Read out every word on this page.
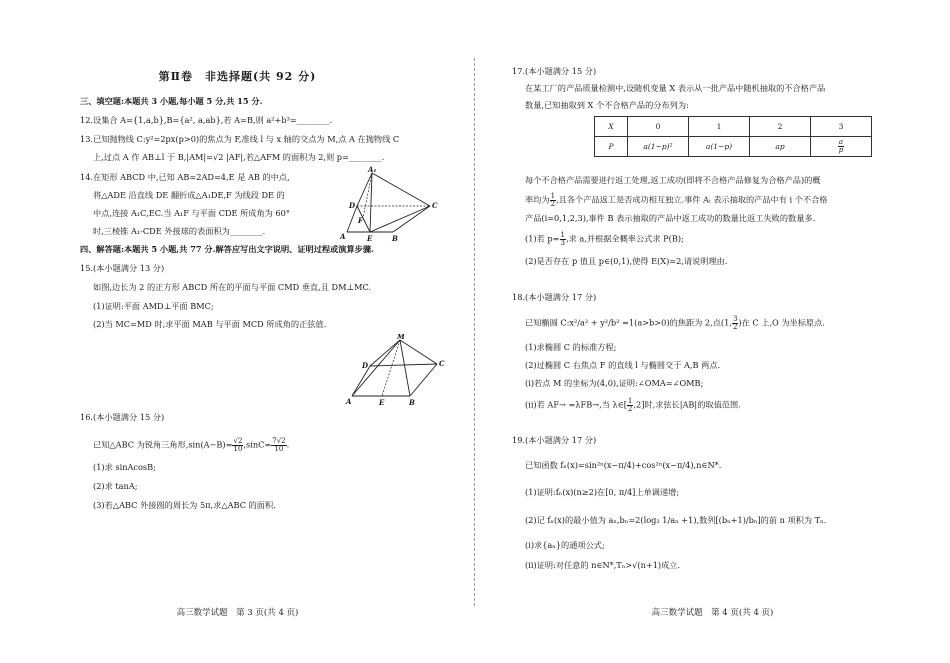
第Ⅱ卷　非选择题(共 92 分)
三、填空题:本题共 3 小题,每小题 5 分,共 15 分.
12.设集合 A={1,a,b},B={a², a,ab},若 A=B,则 a²+b³=________.
13.已知抛物线 C:y²=2px(p>0)的焦点为 F,准线 l 与 x 轴的交点为 M,点 A 在抛物线 C
上,过点 A 作 AB⊥l 于 B,|AM|=√2 |AF|,若△AFM 的面积为 2,则 p=________.
14.在矩形 ABCD 中,已知 AB=2AD=4,E 是 AB 的中点,
将△ADE 沿直线 DE 翻折成△A₁DE,F 为线段 DE 的
中点,连接 A₁C,EC.当 A₁F 与平面 CDE 所成角为 60°
时,三棱锥 A₁-CDE 外接球的表面积为________.
A₁
D	C
F
A	E	B
四、解答题:本题共 5 小题,共 77 分.解答应写出文字说明、证明过程或演算步骤.
15.(本小题满分 13 分)
如图,边长为 2 的正方形 ABCD 所在的平面与平面 CMD 垂直,且 DM⊥MC.
(1)证明:平面 AMD⊥平面 BMC;
(2)当 MC=MD 时,求平面 MAB 与平面 MCD 所成角的正弦值.
M
D	C
A	E	B
16.(本小题满分 15 分)
已知△ABC 为锐角三角形$,\sin(A-B)= \frac{√2}{10} ,\sin C= \frac{7√2}{10}$ .
(1)求 sinAcosB;
(2)求 tanA;
(3)若△ABC 外接圆的周长为 5π,求△ABC 的面积.
高三数学试题　第 3 页(共 4 页)
17.(本小题满分 15 分)
在某工厂的产品质量检测中,设随机变量 X 表示从一批产品中随机抽取的不合格产品
数量,已知抽取到 X 个不合格产品的分布列为:
X	0	1	2	3
P	a(1−p)²	a(1−p)	ap	$\frac{a}{p}$
每个不合格产品需要进行返工处理,返工成功(即将不合格产品修复为合格产品)的概
率均为 $\frac{1}{2}$ ,且各个产品返工是否成功相互独立.事件 Aᵢ 表示抽取的产品中有 i 个不合格
产品(i=0,1,2,3),事件 B 表示抽取的产品中返工成功的数量比返工失败的数量多.
(1)若 $p= \frac{1}{3}$ ,求 a,并根据全概率公式求 P(B);
(2)是否存在 p 值且 p∈(0,1),使得 E(X)=2,请说明理由.
18.(本小题满分 17 分)
已知椭圆 C:x²/a² + y²/b² =1(a>b>0)的焦距为 2,点(1, $\frac{3}{2}$ )在 C 上,O 为坐标原点.
(1)求椭圆 C 的标准方程;
(2)过椭圆 C 右焦点 F 的直线 l 与椭圆交于 A,B 两点.
(ⅰ)若点 M 的坐标为(4,0),证明:∠OMA=∠OMB;
(ⅱ)若 AF→ =λFB→,当 λ∈[ $\frac{1}{2} ,2$]时,求弦长|AB|的取值范围.
19.(本小题满分 17 分)
已知函数 fₙ(x)=sin²ⁿ(x−π/4)+cos²ⁿ(x−π/4),n∈N*.
(1)证明:fₙ(x)(n≥2)在[0, π/4]上单调递增;
(2)记 fₙ(x)的最小值为 aₙ,bₙ=2(log₂ 1/aₙ +1),数列[(bₙ+1)/bₙ]的前 n 项积为 Tₙ.
(ⅰ)求{aₙ}的通项公式;
(ⅱ)证明:对任意的 n∈N*,Tₙ>√(n+1)成立.
高三数学试题　第 4 页(共 4 页)
